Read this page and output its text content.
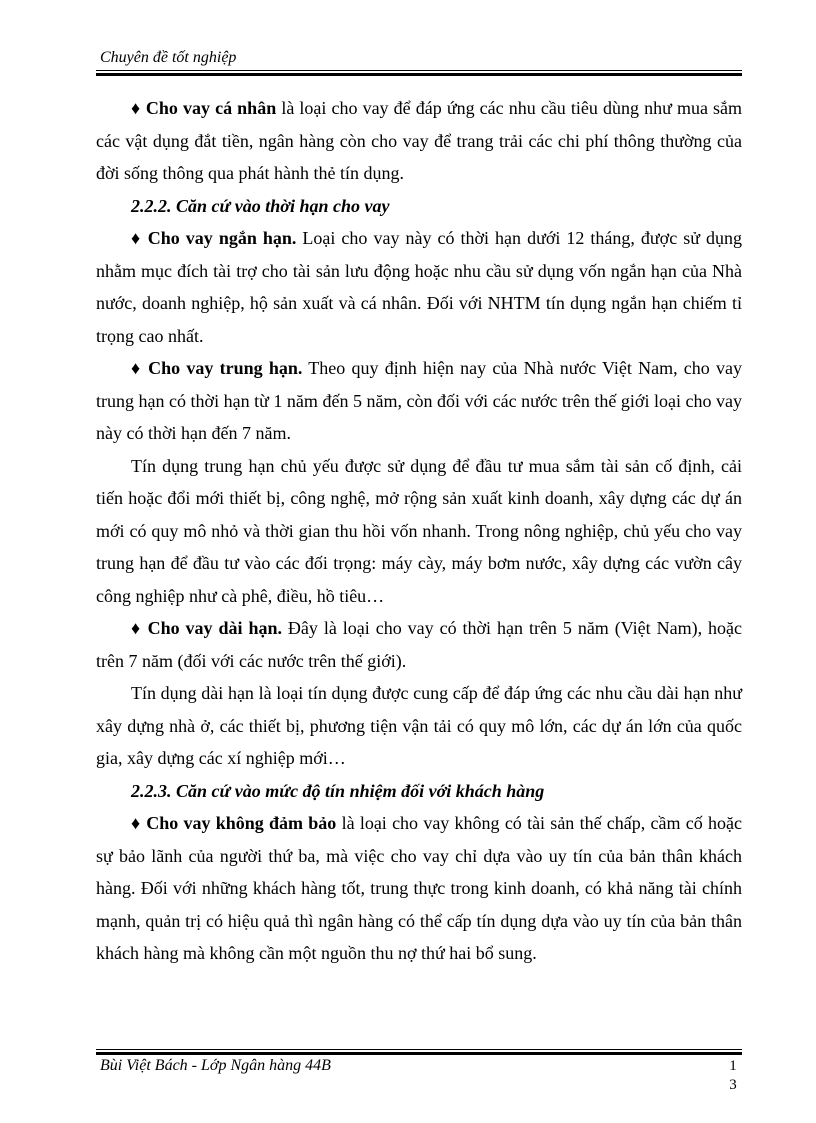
Chuyên đề tốt nghiệp

♦ Cho vay cá nhân là loại cho vay để đáp ứng các nhu cầu tiêu dùng như mua sắm các vật dụng đắt tiền, ngân hàng còn cho vay để trang trải các chi phí thông thường của đời sống thông qua phát hành thẻ tín dụng.

2.2.2. Căn cứ vào thời hạn cho vay

♦ Cho vay ngắn hạn. Loại cho vay này có thời hạn dưới 12 tháng, được sử dụng nhằm mục đích tài trợ cho tài sản lưu động hoặc nhu cầu sử dụng vốn ngắn hạn của Nhà nước, doanh nghiệp, hộ sản xuất và cá nhân. Đối với NHTM tín dụng ngắn hạn chiếm tỉ trọng cao nhất.

♦ Cho vay trung hạn. Theo quy định hiện nay của Nhà nước Việt Nam, cho vay trung hạn có thời hạn từ 1 năm đến 5 năm, còn đối với các nước trên thế giới loại cho vay này có thời hạn đến 7 năm.

Tín dụng trung hạn chủ yếu được sử dụng để đầu tư mua sắm tài sản cố định, cải tiến hoặc đổi mới thiết bị, công nghệ, mở rộng sản xuất kinh doanh, xây dựng các dự án mới có quy mô nhỏ và thời gian thu hồi vốn nhanh. Trong nông nghiệp, chủ yếu cho vay trung hạn để đầu tư vào các đối trọng: máy cày, máy bơm nước, xây dựng các vườn cây công nghiệp như cà phê, điều, hồ tiêu…

♦ Cho vay dài hạn. Đây là loại cho vay có thời hạn trên 5 năm (Việt Nam), hoặc trên 7 năm (đối với các nước trên thế giới).

Tín dụng dài hạn là loại tín dụng được cung cấp để đáp ứng các nhu cầu dài hạn như xây dựng nhà ở, các thiết bị, phương tiện vận tải có quy mô lớn, các dự án lớn của quốc gia, xây dựng các xí nghiệp mới…

2.2.3. Căn cứ vào mức độ tín nhiệm đối với khách hàng

♦ Cho vay không đảm bảo là loại cho vay không có tài sản thế chấp, cầm cố hoặc sự bảo lãnh của người thứ ba, mà việc cho vay chỉ dựa vào uy tín của bản thân khách hàng. Đối với những khách hàng tốt, trung thực trong kinh doanh, có khả năng tài chính mạnh, quản trị có hiệu quả thì ngân hàng có thể cấp tín dụng dựa vào uy tín của bản thân khách hàng mà không cần một nguồn thu nợ thứ hai bổ sung.

Bùi Việt Bách - Lớp Ngân hàng 44B	1
3
